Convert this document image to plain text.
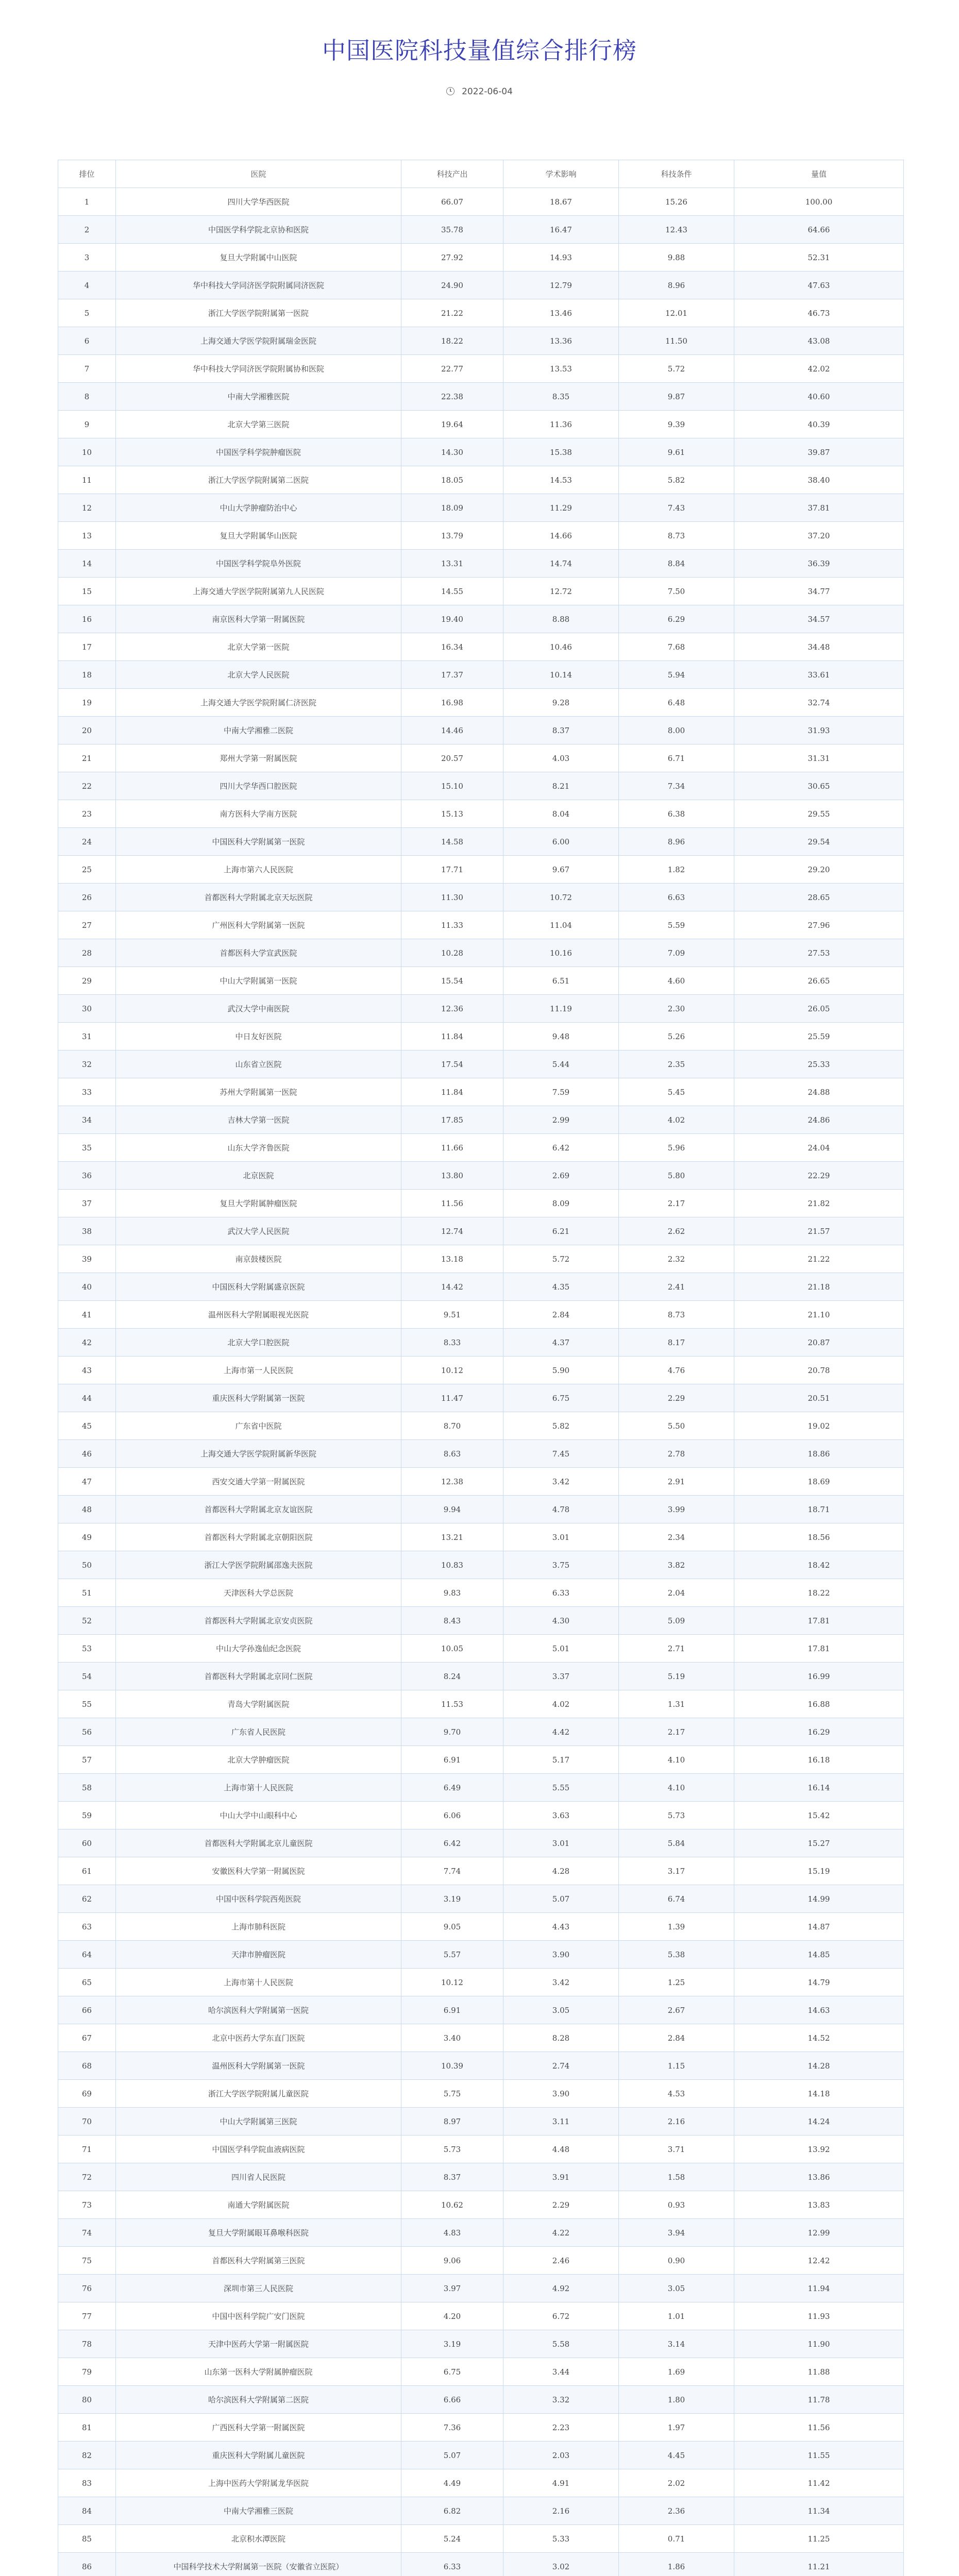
中国医院科技量值综合排行榜
2022-06-04
排位	医院	科技产出	学术影响	科技条件	量值
1	四川大学华西医院	66.07	18.67	15.26	100.00
2	中国医学科学院北京协和医院	35.78	16.47	12.43	64.66
3	复旦大学附属中山医院	27.92	14.93	9.88	52.31
4	华中科技大学同济医学院附属同济医院	24.90	12.79	8.96	47.63
5	浙江大学医学院附属第一医院	21.22	13.46	12.01	46.73
6	上海交通大学医学院附属瑞金医院	18.22	13.36	11.50	43.08
7	华中科技大学同济医学院附属协和医院	22.77	13.53	5.72	42.02
8	中南大学湘雅医院	22.38	8.35	9.87	40.60
9	北京大学第三医院	19.64	11.36	9.39	40.39
10	中国医学科学院肿瘤医院	14.30	15.38	9.61	39.87
11	浙江大学医学院附属第二医院	18.05	14.53	5.82	38.40
12	中山大学肿瘤防治中心	18.09	11.29	7.43	37.81
13	复旦大学附属华山医院	13.79	14.66	8.73	37.20
14	中国医学科学院阜外医院	13.31	14.74	8.84	36.39
15	上海交通大学医学院附属第九人民医院	14.55	12.72	7.50	34.77
16	南京医科大学第一附属医院	19.40	8.88	6.29	34.57
17	北京大学第一医院	16.34	10.46	7.68	34.48
18	北京大学人民医院	17.37	10.14	5.94	33.61
19	上海交通大学医学院附属仁济医院	16.98	9.28	6.48	32.74
20	中南大学湘雅二医院	14.46	8.37	8.00	31.93
21	郑州大学第一附属医院	20.57	4.03	6.71	31.31
22	四川大学华西口腔医院	15.10	8.21	7.34	30.65
23	南方医科大学南方医院	15.13	8.04	6.38	29.55
24	中国医科大学附属第一医院	14.58	6.00	8.96	29.54
25	上海市第六人民医院	17.71	9.67	1.82	29.20
26	首都医科大学附属北京天坛医院	11.30	10.72	6.63	28.65
27	广州医科大学附属第一医院	11.33	11.04	5.59	27.96
28	首都医科大学宣武医院	10.28	10.16	7.09	27.53
29	中山大学附属第一医院	15.54	6.51	4.60	26.65
30	武汉大学中南医院	12.36	11.19	2.30	26.05
31	中日友好医院	11.84	9.48	5.26	25.59
32	山东省立医院	17.54	5.44	2.35	25.33
33	苏州大学附属第一医院	11.84	7.59	5.45	24.88
34	吉林大学第一医院	17.85	2.99	4.02	24.86
35	山东大学齐鲁医院	11.66	6.42	5.96	24.04
36	北京医院	13.80	2.69	5.80	22.29
37	复旦大学附属肿瘤医院	11.56	8.09	2.17	21.82
38	武汉大学人民医院	12.74	6.21	2.62	21.57
39	南京鼓楼医院	13.18	5.72	2.32	21.22
40	中国医科大学附属盛京医院	14.42	4.35	2.41	21.18
41	温州医科大学附属眼视光医院	9.51	2.84	8.73	21.10
42	北京大学口腔医院	8.33	4.37	8.17	20.87
43	上海市第一人民医院	10.12	5.90	4.76	20.78
44	重庆医科大学附属第一医院	11.47	6.75	2.29	20.51
45	广东省中医院	8.70	5.82	5.50	19.02
46	上海交通大学医学院附属新华医院	8.63	7.45	2.78	18.86
47	西安交通大学第一附属医院	12.38	3.42	2.91	18.69
48	首都医科大学附属北京友谊医院	9.94	4.78	3.99	18.71
49	首都医科大学附属北京朝阳医院	13.21	3.01	2.34	18.56
50	浙江大学医学院附属邵逸夫医院	10.83	3.75	3.82	18.42
51	天津医科大学总医院	9.83	6.33	2.04	18.22
52	首都医科大学附属北京安贞医院	8.43	4.30	5.09	17.81
53	中山大学孙逸仙纪念医院	10.05	5.01	2.71	17.81
54	首都医科大学附属北京同仁医院	8.24	3.37	5.19	16.99
55	青岛大学附属医院	11.53	4.02	1.31	16.88
56	广东省人民医院	9.70	4.42	2.17	16.29
57	北京大学肿瘤医院	6.91	5.17	4.10	16.18
58	上海市第十人民医院	6.49	5.55	4.10	16.14
59	中山大学中山眼科中心	6.06	3.63	5.73	15.42
60	首都医科大学附属北京儿童医院	6.42	3.01	5.84	15.27
61	安徽医科大学第一附属医院	7.74	4.28	3.17	15.19
62	中国中医科学院西苑医院	3.19	5.07	6.74	14.99
63	上海市肺科医院	9.05	4.43	1.39	14.87
64	天津市肿瘤医院	5.57	3.90	5.38	14.85
65	上海市第十人民医院	10.12	3.42	1.25	14.79
66	哈尔滨医科大学附属第一医院	6.91	3.05	2.67	14.63
67	北京中医药大学东直门医院	3.40	8.28	2.84	14.52
68	温州医科大学附属第一医院	10.39	2.74	1.15	14.28
69	浙江大学医学院附属儿童医院	5.75	3.90	4.53	14.18
70	中山大学附属第三医院	8.97	3.11	2.16	14.24
71	中国医学科学院血液病医院	5.73	4.48	3.71	13.92
72	四川省人民医院	8.37	3.91	1.58	13.86
73	南通大学附属医院	10.62	2.29	0.93	13.83
74	复旦大学附属眼耳鼻喉科医院	4.83	4.22	3.94	12.99
75	首都医科大学附属第三医院	9.06	2.46	0.90	12.42
76	深圳市第三人民医院	3.97	4.92	3.05	11.94
77	中国中医科学院广安门医院	4.20	6.72	1.01	11.93
78	天津中医药大学第一附属医院	3.19	5.58	3.14	11.90
79	山东第一医科大学附属肿瘤医院	6.75	3.44	1.69	11.88
80	哈尔滨医科大学附属第二医院	6.66	3.32	1.80	11.78
81	广西医科大学第一附属医院	7.36	2.23	1.97	11.56
82	重庆医科大学附属儿童医院	5.07	2.03	4.45	11.55
83	上海中医药大学附属龙华医院	4.49	4.91	2.02	11.42
84	中南大学湘雅三医院	6.82	2.16	2.36	11.34
85	北京积水潭医院	5.24	5.33	0.71	11.25
86	中国科学技术大学附属第一医院（安徽省立医院）	6.33	3.02	1.86	11.21
